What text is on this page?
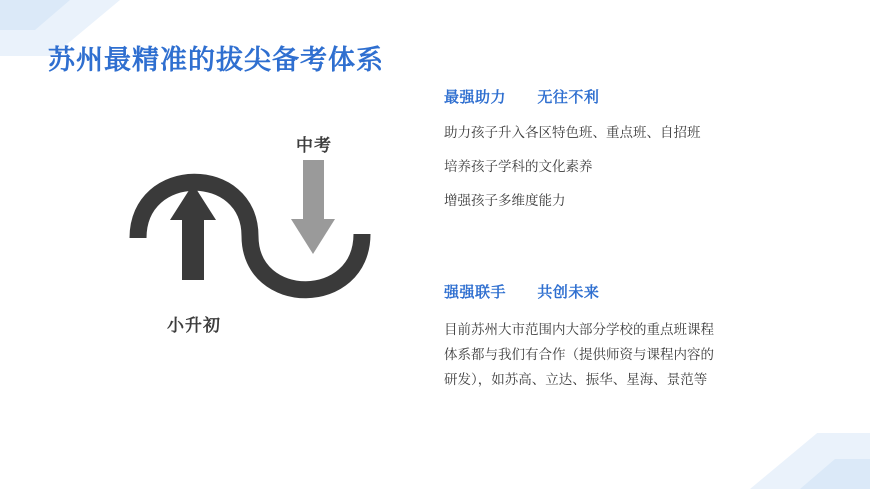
苏州最精准的拔尖备考体系
中考
小升初
最强助力 无往不利

助力孩子升入各区特色班、重点班、自招班

培养孩子学科的文化素养

增强孩子多维度能力

强强联手 共创未来

目前苏州大市范围内大部分学校的重点班课程

体系都与我们有合作（提供师资与课程内容的

研发），如苏高、立达、振华、星海、景范等
